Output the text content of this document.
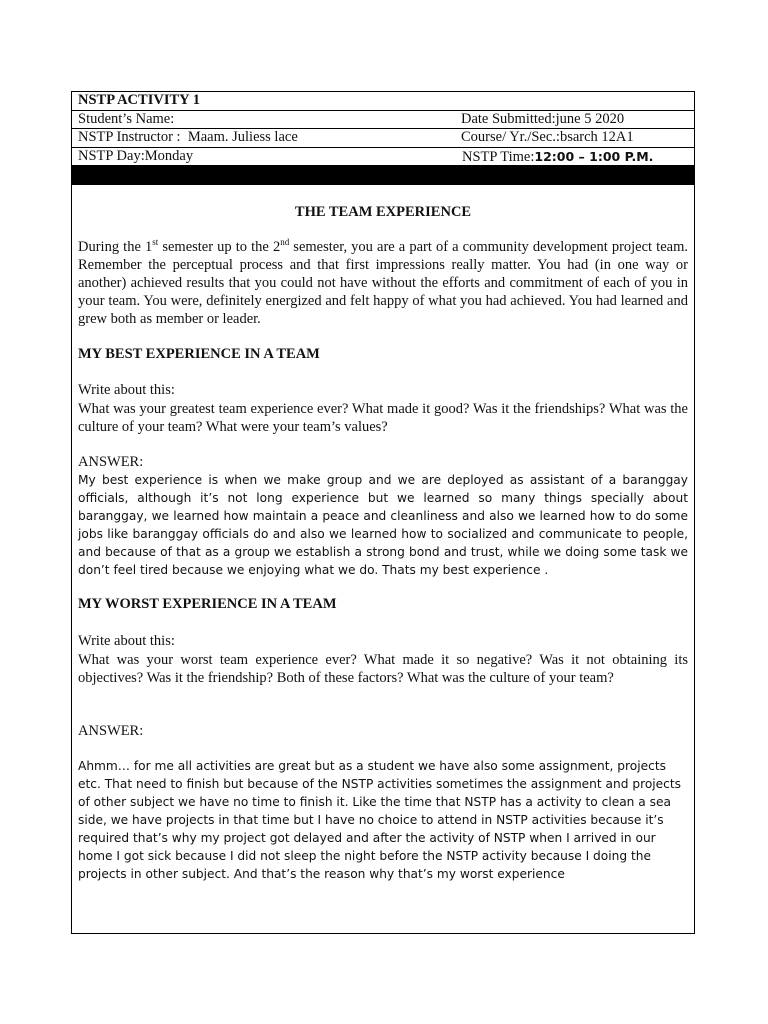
NSTP ACTIVITY 1
Student’s Name:	Date Submitted:june 5 2020
NSTP Instructor :  Maam. Juliess lace	Course/ Yr./Sec.:bsarch 12A1
NSTP Day:Monday	NSTP Time:12:00 – 1:00 P.M.
THE TEAM EXPERIENCE
During the 1st semester up to the 2nd semester, you are a part of a community development project team. Remember the perceptual process and that first impressions really matter. You had (in one way or another) achieved results that you could not have without the efforts and commitment of each of you in your team. You were, definitely energized and felt happy of what you had achieved. You had learned and grew both as member or leader.
MY BEST EXPERIENCE IN A TEAM
Write about this:
What was your greatest team experience ever? What made it good? Was it the friendships? What was the culture of your team? What were your team’s values?
ANSWER:
My best experience is when we make group and we are deployed as assistant of a baranggay officials, although it’s not long experience but we learned so many things specially about baranggay, we learned how maintain a peace and cleanliness and also we learned how to do some jobs like baranggay officials do and also we learned how to socialized and communicate to people, and because of that as a group we establish a strong bond and trust, while we doing some task we don’t feel tired because we enjoying what we do. Thats my best experience .
MY WORST EXPERIENCE IN A TEAM
Write about this:
What was your worst team experience ever? What made it so negative? Was it not obtaining its objectives? Was it the friendship? Both of these factors? What was the culture of your team?
ANSWER:
Ahmm… for me all activities are great but as a student we have also some assignment, projects etc. That need to finish but because of the NSTP activities sometimes the assignment and projects of other subject we have no time to finish it. Like the time that NSTP has a activity to clean a sea side, we have projects in that time but I have no choice to attend in NSTP activities because it’s required that’s why my project got delayed and after the activity of NSTP when I arrived in our home I got sick because I did not sleep the night before the NSTP activity because I doing the projects in other subject. And that’s the reason why that’s my worst experience
